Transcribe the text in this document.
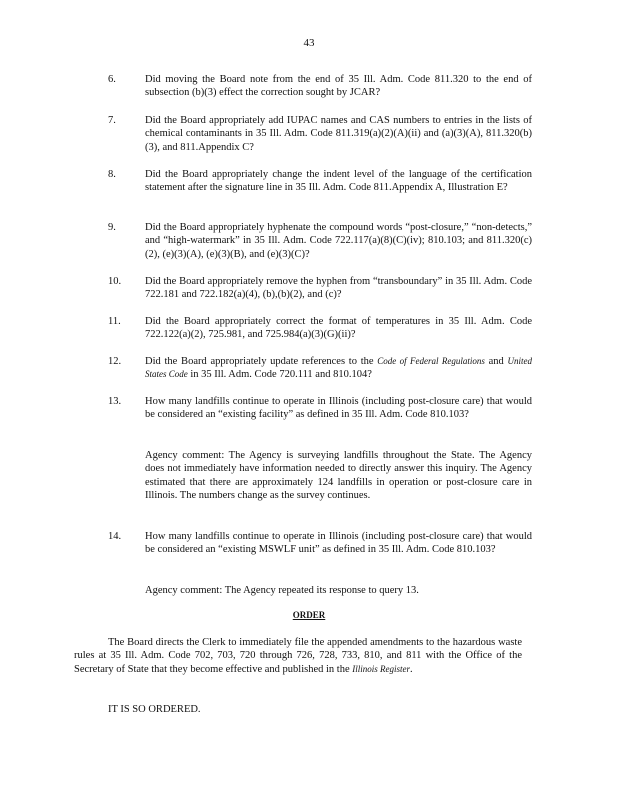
43
6.	Did moving the Board note from the end of 35 Ill. Adm. Code 811.320 to the end of subsection (b)(3) effect the correction sought by JCAR?
7.	Did the Board appropriately add IUPAC names and CAS numbers to entries in the lists of chemical contaminants in 35 Ill. Adm. Code 811.319(a)(2)(A)(ii) and (a)(3)(A), 811.320(b)(3), and 811.Appendix C?
8.	Did the Board appropriately change the indent level of the language of the certification statement after the signature line in 35 Ill. Adm. Code 811.Appendix A, Illustration E?
9.	Did the Board appropriately hyphenate the compound words “post-closure,” “non-detects,” and “high-watermark” in 35 Ill. Adm. Code 722.117(a)(8)(C)(iv); 810.103; and 811.320(c)(2), (e)(3)(A), (e)(3)(B), and (e)(3)(C)?
10. Did the Board appropriately remove the hyphen from “transboundary” in 35 Ill. Adm. Code 722.181 and 722.182(a)(4), (b),(b)(2), and (c)?
11. Did the Board appropriately correct the format of temperatures in 35 Ill. Adm. Code 722.122(a)(2), 725.981, and 725.984(a)(3)(G)(ii)?
12. Did the Board appropriately update references to the Code of Federal Regulations and United States Code in 35 Ill. Adm. Code 720.111 and 810.104?
13. How many landfills continue to operate in Illinois (including post-closure care) that would be considered an “existing facility” as defined in 35 Ill. Adm. Code 810.103?
Agency comment: The Agency is surveying landfills throughout the State. The Agency does not immediately have information needed to directly answer this inquiry. The Agency estimated that there are approximately 124 landfills in operation or post-closure care in Illinois. The numbers change as the survey continues.
14. How many landfills continue to operate in Illinois (including post-closure care) that would be considered an “existing MSWLF unit” as defined in 35 Ill. Adm. Code 810.103?
Agency comment: The Agency repeated its response to query 13.
ORDER
The Board directs the Clerk to immediately file the appended amendments to the hazardous waste rules at 35 Ill. Adm. Code 702, 703, 720 through 726, 728, 733, 810, and 811 with the Office of the Secretary of State that they become effective and published in the Illinois Register.
IT IS SO ORDERED.
